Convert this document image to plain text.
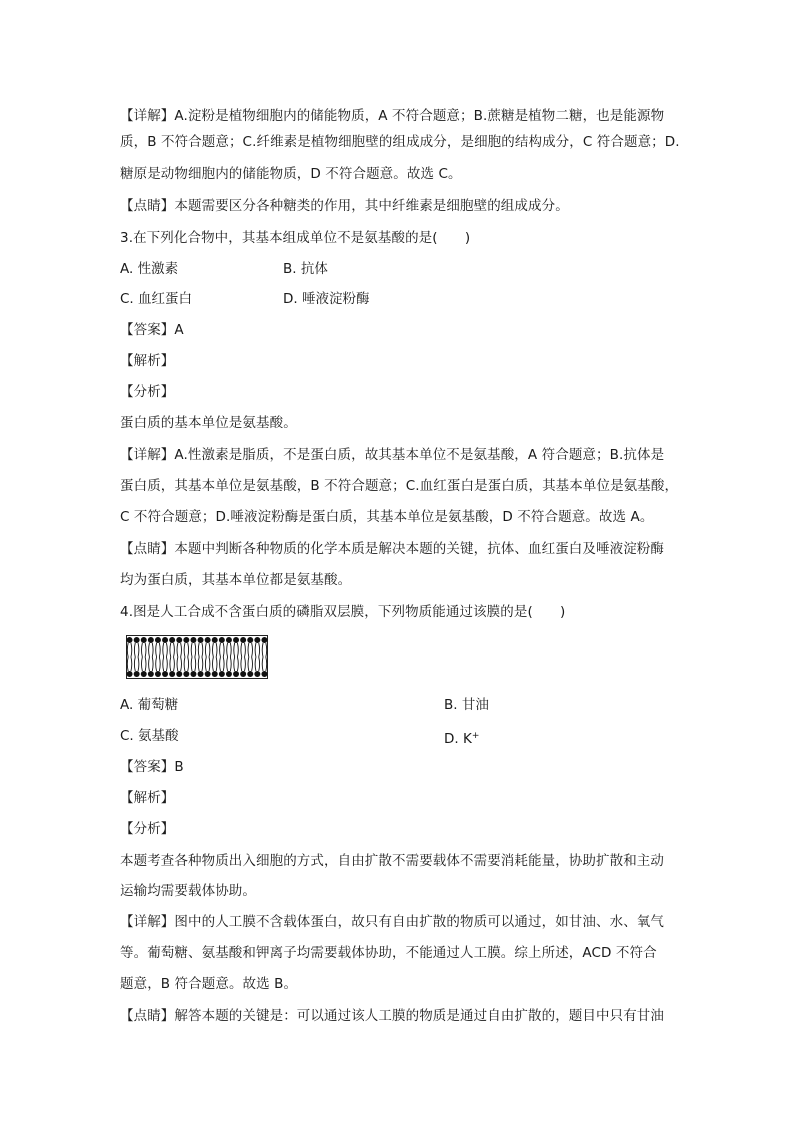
【详解】A.淀粉是植物细胞内的储能物质，A 不符合题意；B.蔗糖是植物二糖，也是能源物
质，B 不符合题意；C.纤维素是植物细胞壁的组成成分，是细胞的结构成分，C 符合题意；D.
糖原是动物细胞内的储能物质，D 不符合题意。故选 C。
【点睛】本题需要区分各种糖类的作用，其中纤维素是细胞壁的组成成分。
3.在下列化合物中，其基本组成单位不是氨基酸的是(　　)
A. 性激素	B. 抗体
C. 血红蛋白	D. 唾液淀粉酶
【答案】A
【解析】
【分析】
蛋白质的基本单位是氨基酸。
【详解】A.性激素是脂质，不是蛋白质，故其基本单位不是氨基酸，A 符合题意；B.抗体是
蛋白质，其基本单位是氨基酸，B 不符合题意；C.血红蛋白是蛋白质，其基本单位是氨基酸，
C 不符合题意；D.唾液淀粉酶是蛋白质，其基本单位是氨基酸，D 不符合题意。故选 A。
【点睛】本题中判断各种物质的化学本质是解决本题的关键，抗体、血红蛋白及唾液淀粉酶
均为蛋白质，其基本单位都是氨基酸。
4.图是人工合成不含蛋白质的磷脂双层膜，下列物质能通过该膜的是(　　)
A. 葡萄糖	B. 甘油
C. 氨基酸	D. K+
【答案】B
【解析】
【分析】
本题考查各种物质出入细胞的方式，自由扩散不需要载体不需要消耗能量，协助扩散和主动
运输均需要载体协助。
【详解】图中的人工膜不含载体蛋白，故只有自由扩散的物质可以通过，如甘油、水、氧气
等。葡萄糖、氨基酸和钾离子均需要载体协助，不能通过人工膜。综上所述，ACD 不符合
题意，B 符合题意。故选 B。
【点睛】解答本题的关键是：可以通过该人工膜的物质是通过自由扩散的，题目中只有甘油
